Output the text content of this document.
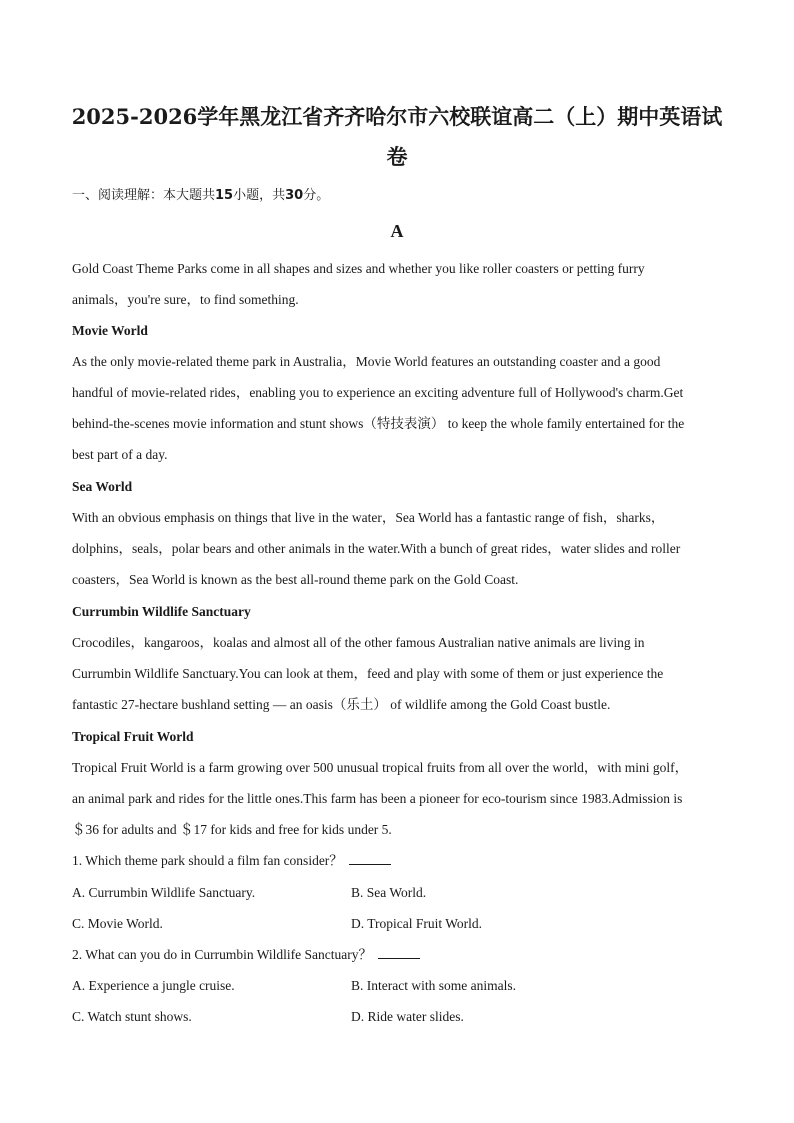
2025-2026学年黑龙江省齐齐哈尔市六校联谊高二（上）期中英语试
卷
一、阅读理解：本大题共15小题，共30分。
A
Gold Coast Theme Parks come in all shapes and sizes and whether you like roller coasters or petting furry
animals，you're sure，to find something.
Movie World
As the only movie-related theme park in Australia，Movie World features an outstanding coaster and a good
handful of movie-related rides，enabling you to experience an exciting adventure full of Hollywood's charm.Get
behind-the-scenes movie information and stunt shows（特技表演） to keep the whole family entertained for the
best part of a day.
Sea World
With an obvious emphasis on things that live in the water，Sea World has a fantastic range of fish，sharks，
dolphins，seals，polar bears and other animals in the water.With a bunch of great rides，water slides and roller
coasters，Sea World is known as the best all-round theme park on the Gold Coast.
Currumbin Wildlife Sanctuary
Crocodiles，kangaroos，koalas and almost all of the other famous Australian native animals are living in
Currumbin Wildlife Sanctuary.You can look at them，feed and play with some of them or just experience the
fantastic 27-hectare bushland setting — an oasis（乐土） of wildlife among the Gold Coast bustle.
Tropical Fruit World
Tropical Fruit World is a farm growing over 500 unusual tropical fruits from all over the world，with mini golf，
an animal park and rides for the little ones.This farm has been a pioneer for eco-tourism since 1983.Admission is
＄36 for adults and ＄17 for kids and free for kids under 5.
1. Which theme park should a film fan consider？
A. Currumbin Wildlife Sanctuary.	B. Sea World.
C. Movie World.	D. Tropical Fruit World.
2. What can you do in Currumbin Wildlife Sanctuary？
A. Experience a jungle cruise.	B. Interact with some animals.
C. Watch stunt shows.	D. Ride water slides.
